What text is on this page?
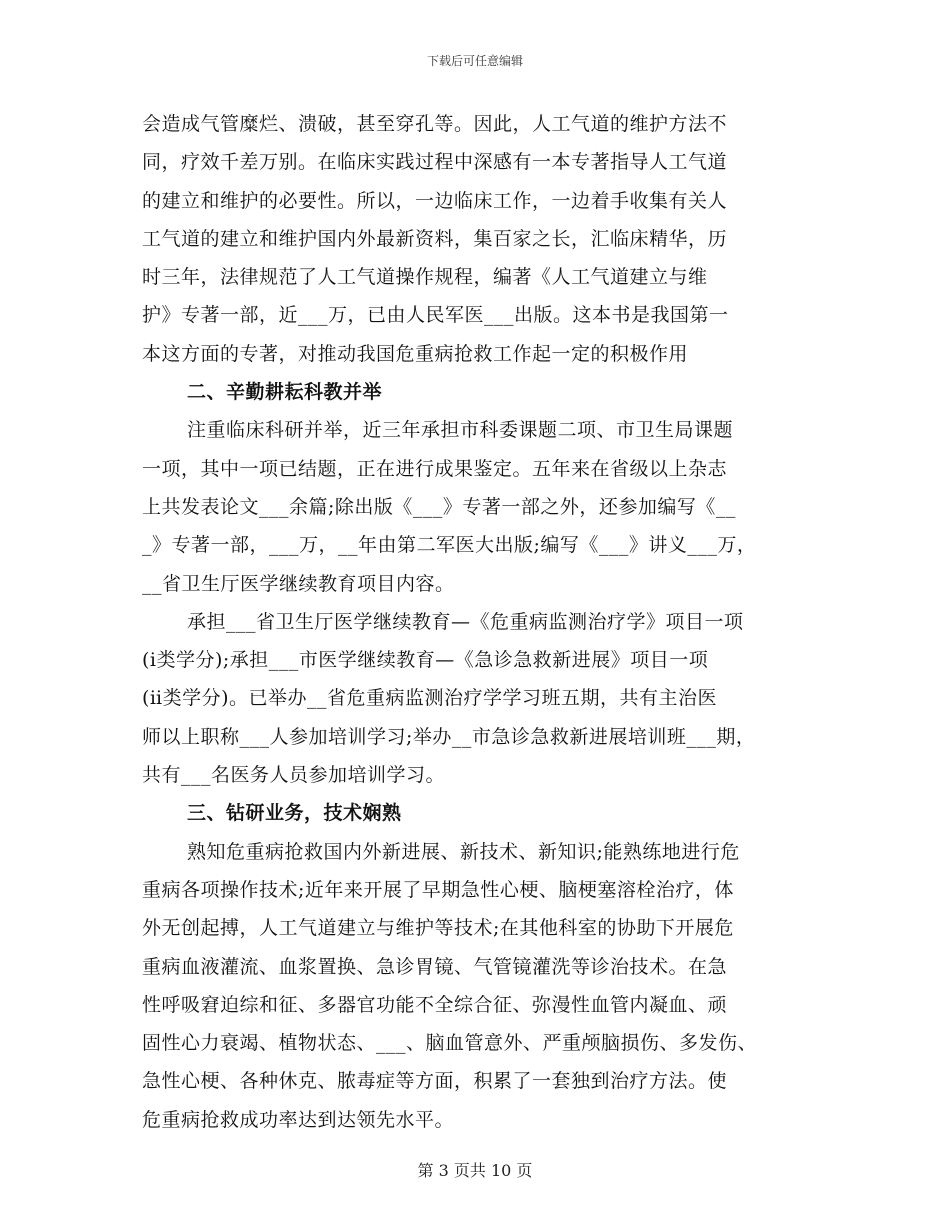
下载后可任意编辑
会造成气管糜烂、溃破，甚至穿孔等。因此，人工气道的维护方法不
同，疗效千差万别。在临床实践过程中深感有一本专著指导人工气道
的建立和维护的必要性。所以，一边临床工作，一边着手收集有关人
工气道的建立和维护国内外最新资料，集百家之长，汇临床精华，历
时三年，法律规范了人工气道操作规程，编著《人工气道建立与维
护》专著一部，近___万，已由人民军医___出版。这本书是我国第一
本这方面的专著，对推动我国危重病抢救工作起一定的积极作用
二、辛勤耕耘科教并举
注重临床科研并举，近三年承担市科委课题二项、市卫生局课题
一项，其中一项已结题，正在进行成果鉴定。五年来在省级以上杂志
上共发表论文___余篇;除出版《___》专著一部之外，还参加编写《__
_》专著一部，___万，__年由第二军医大出版;编写《___》讲义___万，
__省卫生厅医学继续教育项目内容。
承担___省卫生厅医学继续教育—《危重病监测治疗学》项目一项
(ⅰ类学分);承担___市医学继续教育—《急诊急救新进展》项目一项
(ⅱ类学分)。已举办__省危重病监测治疗学学习班五期，共有主治医
师以上职称___人参加培训学习;举办__市急诊急救新进展培训班___期，
共有___名医务人员参加培训学习。
三、钻研业务，技术娴熟
熟知危重病抢救国内外新进展、新技术、新知识;能熟练地进行危
重病各项操作技术;近年来开展了早期急性心梗、脑梗塞溶栓治疗，体
外无创起搏，人工气道建立与维护等技术;在其他科室的协助下开展危
重病血液灌流、血浆置换、急诊胃镜、气管镜灌洗等诊治技术。在急
性呼吸窘迫综和征、多器官功能不全综合征、弥漫性血管内凝血、顽
固性心力衰竭、植物状态、___、脑血管意外、严重颅脑损伤、多发伤、
急性心梗、各种休克、脓毒症等方面，积累了一套独到治疗方法。使
危重病抢救成功率达到达领先水平。
第 3 页共 10 页
